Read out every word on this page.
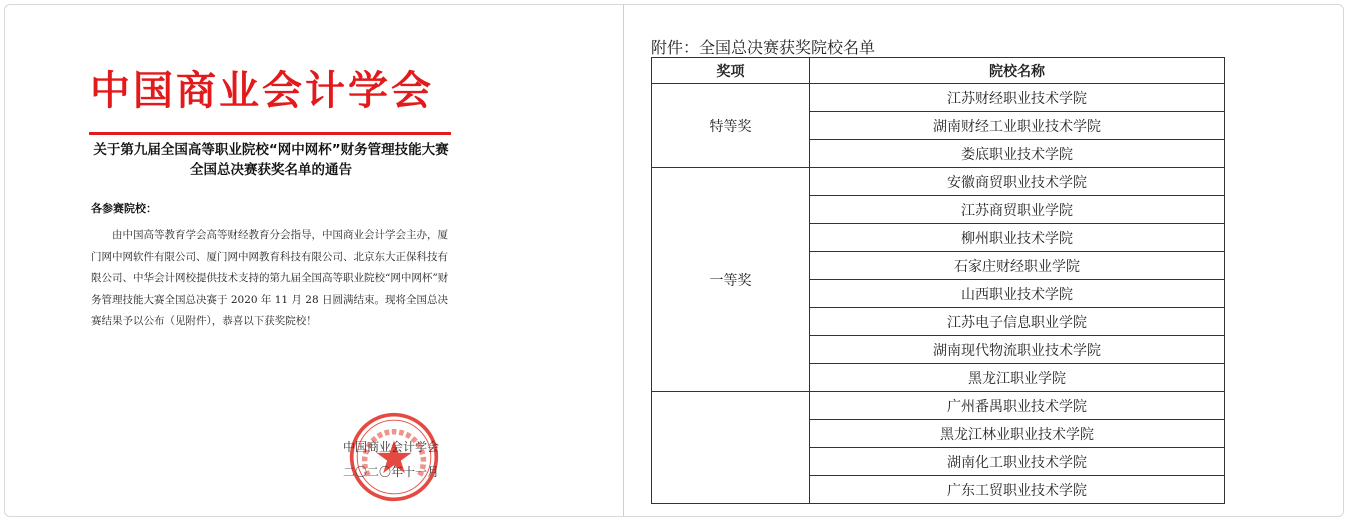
中国商业会计学会
关于第九届全国高等职业院校“网中网杯”财务管理技能大赛全国总决赛获奖名单的通告
各参赛院校：
由中国高等教育学会高等财经教育分会指导，中国商业会计学会主办，厦门网中网软件有限公司、厦门网中网教育科技有限公司、北京东大正保科技有限公司、中华会计网校提供技术支持的第九届全国高等职业院校“网中网杯”财务管理技能大赛全国总决赛于 2020 年 11 月 28 日圆满结束。现将全国总决赛结果予以公布（见附件），恭喜以下获奖院校！
中国商业会计学会
二〇二〇年十一月
附件：全国总决赛获奖院校名单
奖项	院校名称
特等奖	江苏财经职业技术学院
	湖南财经工业职业技术学院
	娄底职业技术学院
一等奖	安徽商贸职业技术学院
	江苏商贸职业学院
	柳州职业技术学院
	石家庄财经职业学院
	山西职业技术学院
	江苏电子信息职业学院
	湖南现代物流职业技术学院
	黑龙江职业学院
	广州番禺职业技术学院
	黑龙江林业职业技术学院
	湖南化工职业技术学院
	广东工贸职业技术学院
